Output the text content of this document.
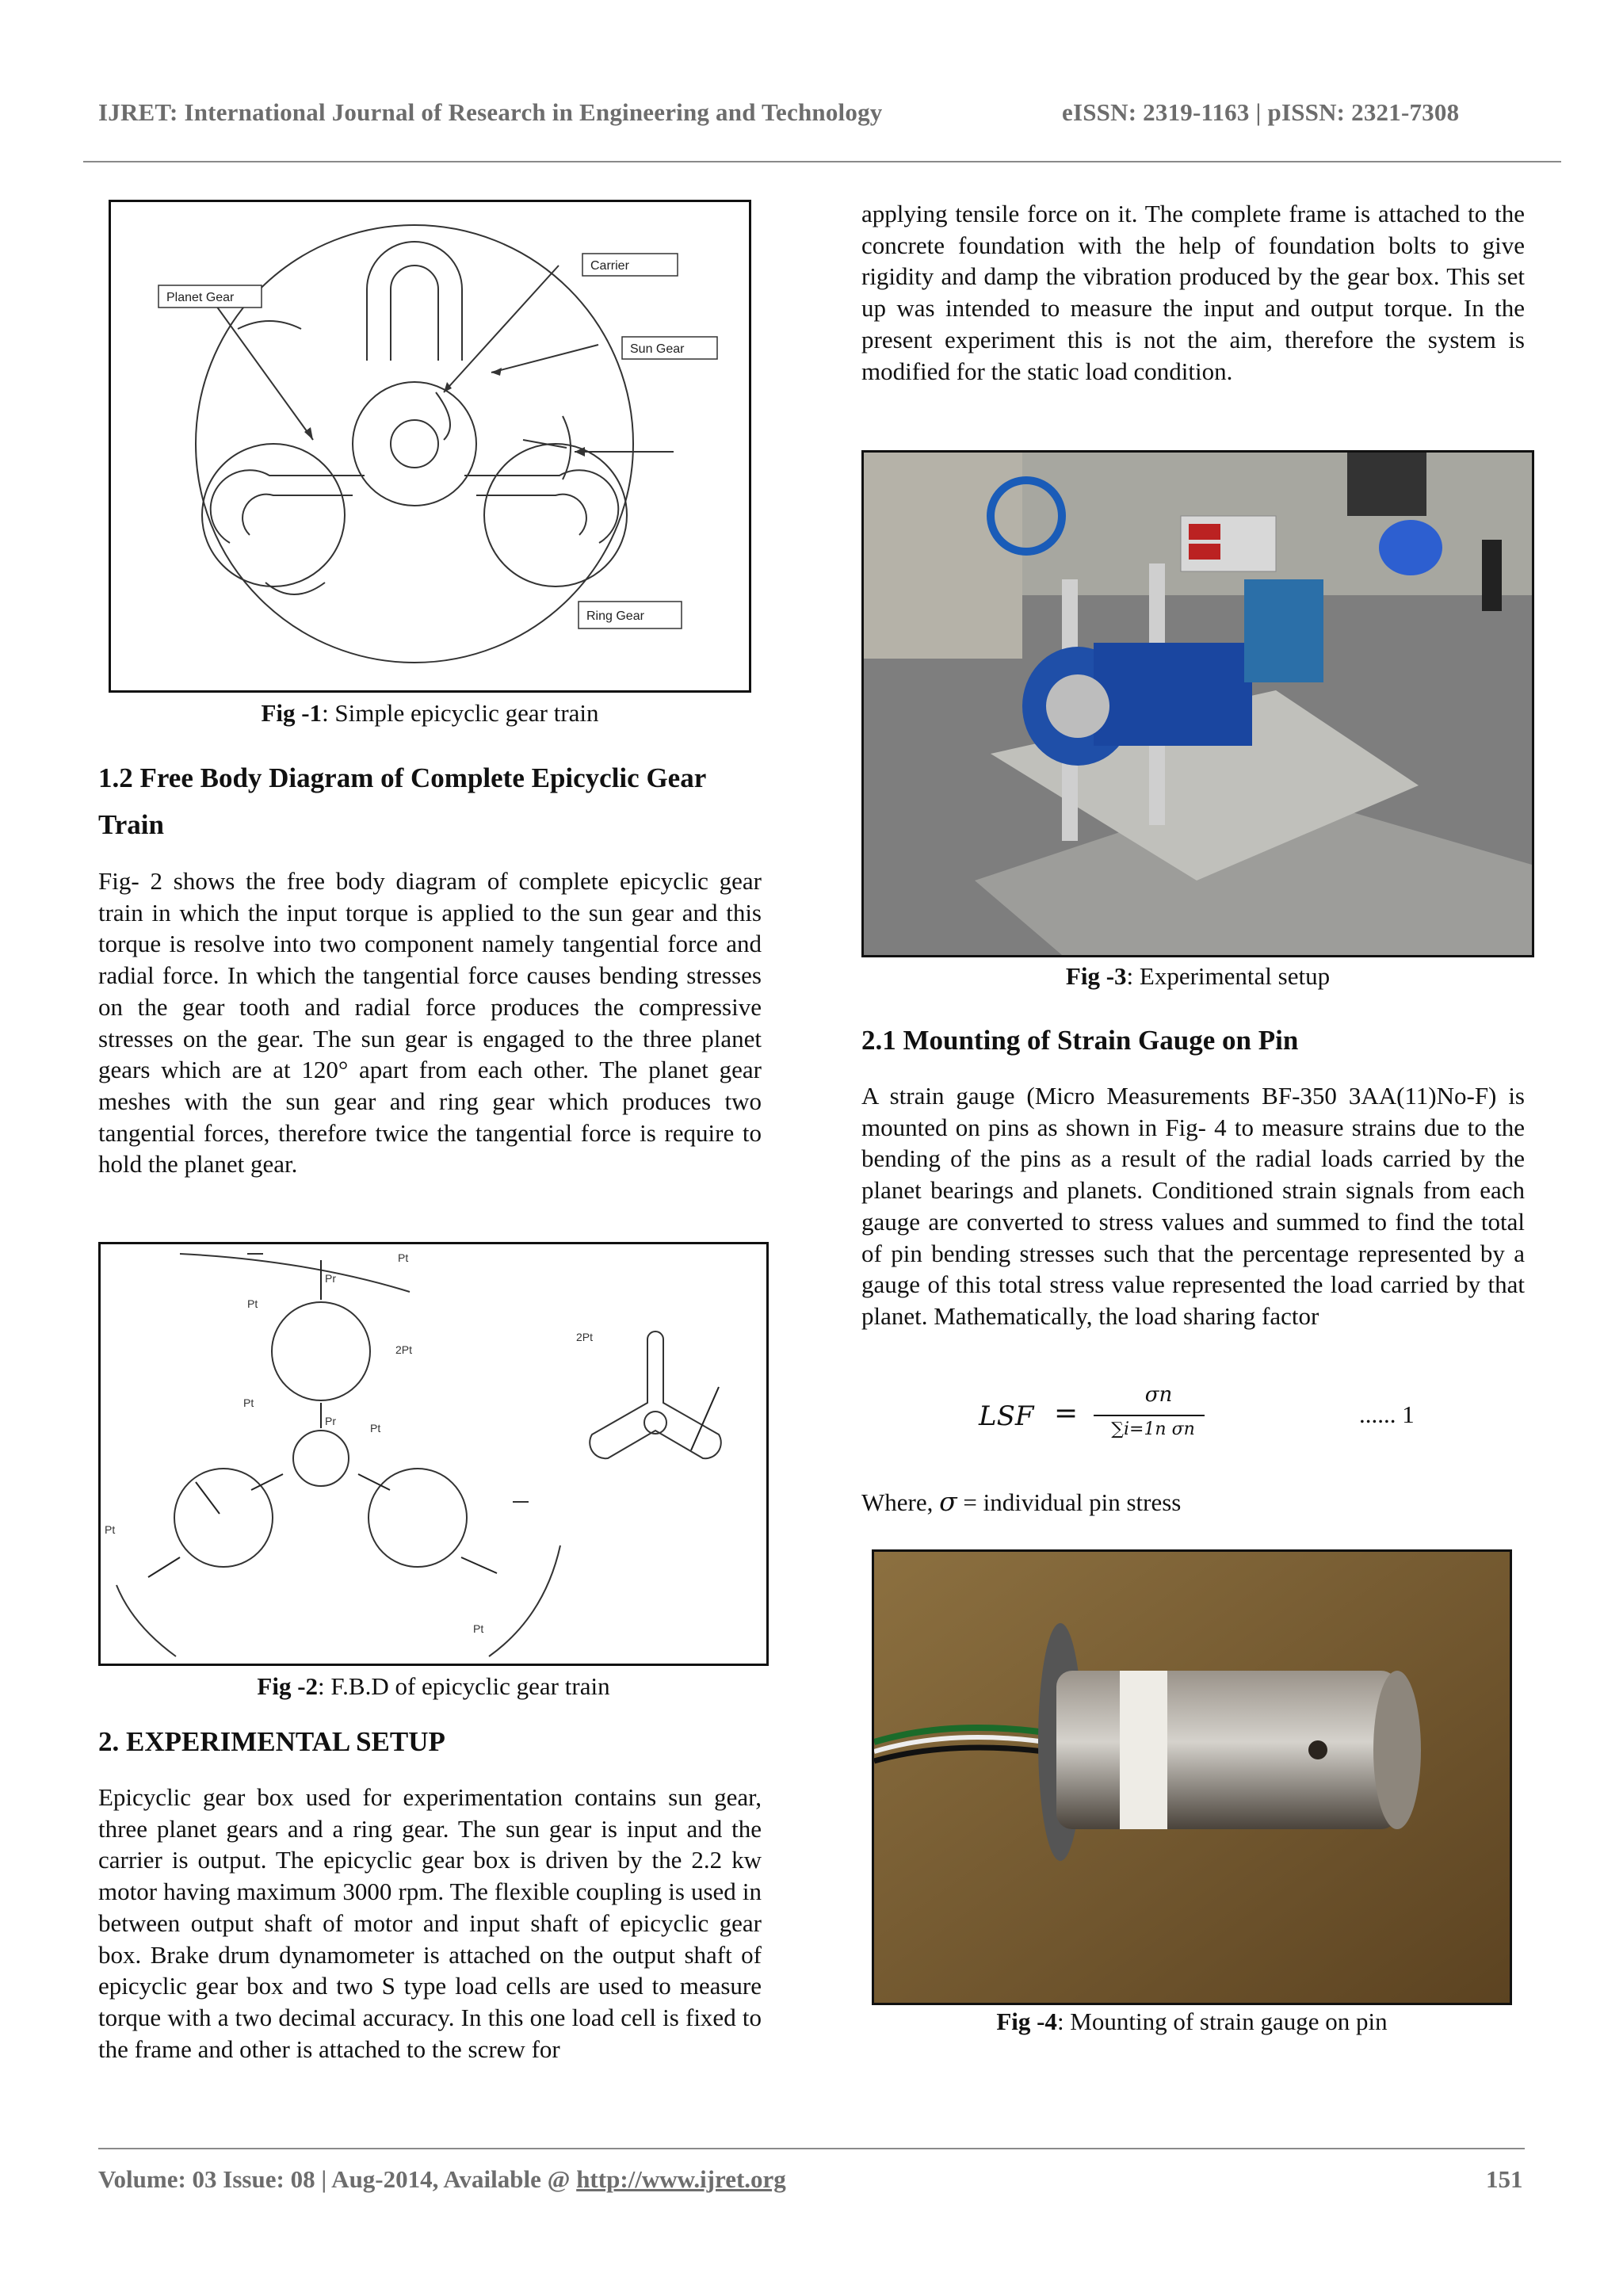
IJRET: International Journal of Research in Engineering and Technology	eISSN: 2319-1163 | pISSN: 2321-7308
Planet Gear
Carrier
Sun Gear
Ring Gear
Fig -1: Simple epicyclic gear train

1.2 Free Body Diagram of Complete Epicyclic Gear

Train

Fig- 2 shows the free body diagram of complete epicyclic gear train in which the input torque is applied to the sun gear and this torque is resolve into two component namely tangential force and radial force. In which the tangential force causes bending stresses on the gear tooth and radial force produces the compressive stresses on the gear. The sun gear is engaged to the three planet gears which are at 120° apart from each other. The planet gear meshes with the sun gear and ring gear which produces two tangential forces, therefore twice the tangential force is require to hold the planet gear.

Pt
Pr
Pt
2Pt
Pt
Pr
Pt
2Pt
Pt
Pt
Fig -2: F.B.D of epicyclic gear train

2. EXPERIMENTAL SETUP

Epicyclic gear box used for experimentation contains sun gear, three planet gears and a ring gear. The sun gear is input and the carrier is output. The epicyclic gear box is driven by the 2.2 kw motor having maximum 3000 rpm. The flexible coupling is used in between output shaft of motor and input shaft of epicyclic gear box. Brake drum dynamometer is attached on the output shaft of epicyclic gear box and two S type load cells are used to measure torque with a two decimal accuracy. In this one load cell is fixed to the frame and other is attached to the screw for

applying tensile force on it. The complete frame is attached to the concrete foundation with the help of foundation bolts to give rigidity and damp the vibration produced by the gear box. This set up was intended to measure the input and output torque. In the present experiment this is not the aim, therefore the system is modified for the static load condition.

Fig -3: Experimental setup

2.1 Mounting of Strain Gauge on Pin

A strain gauge (Micro Measurements BF-350 3AA(11)No-F) is mounted on pins as shown in Fig- 4 to measure strains due to the bending of the pins as a result of the radial loads carried by the planet bearings and planets. Conditioned strain signals from each gauge are converted to stress values and summed to find the total of pin bending stresses such that the percentage represented by a gauge of this total stress value represented the load carried by that planet. Mathematically, the load sharing factor

LSF =
σn
∑i=1n σn
...... 1
Where, σ = individual pin stress
Fig -4: Mounting of strain gauge on pin
Volume: 03 Issue: 08 | Aug-2014, Available @ http://www.ijret.org	151
